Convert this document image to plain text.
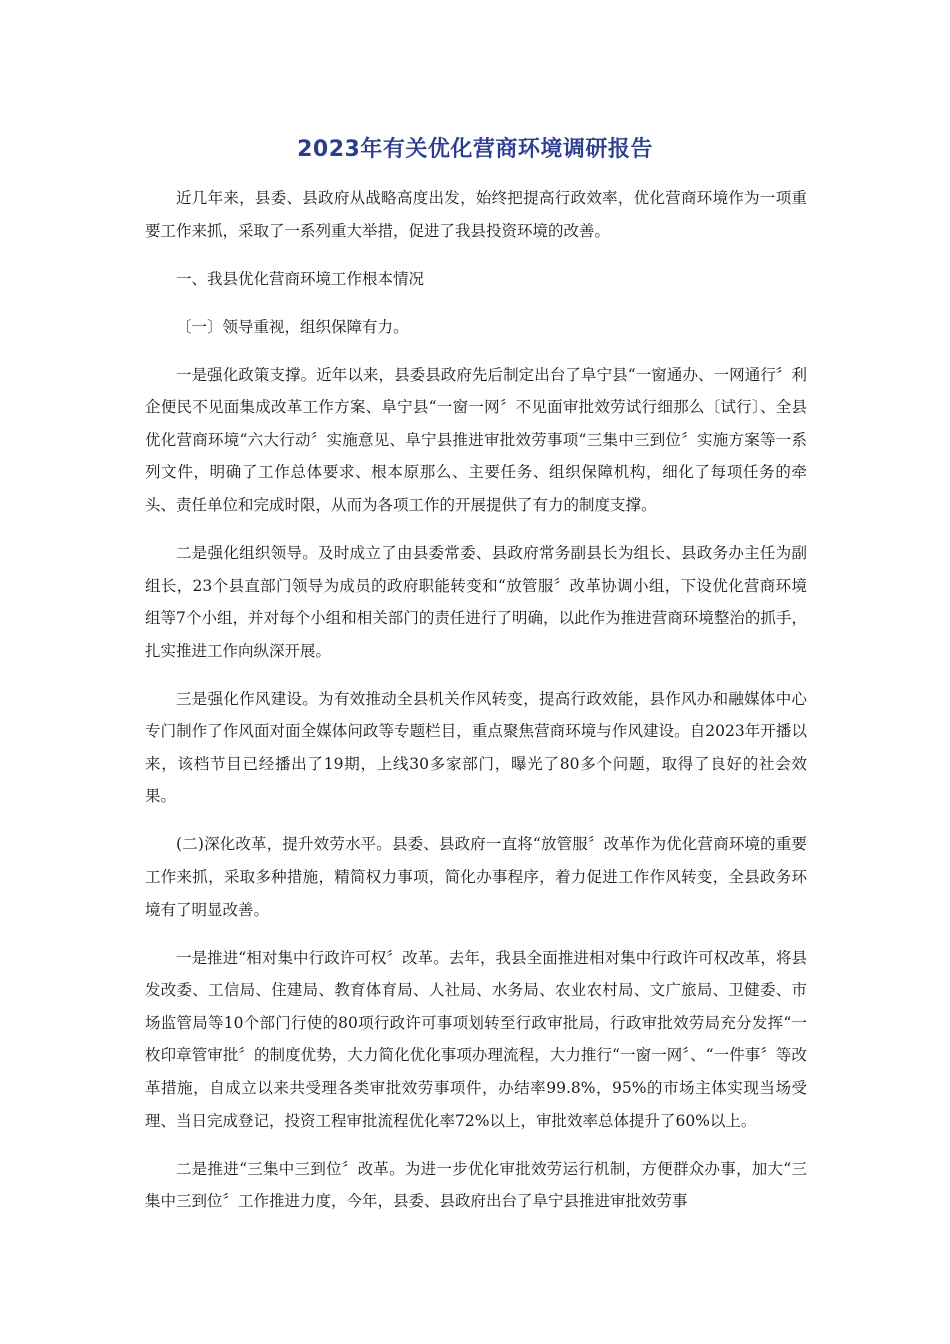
2023年有关优化营商环境调研报告

近几年来，县委、县政府从战略高度出发，始终把提高行政效率，优化营商环境作为一项重要工作来抓，采取了一系列重大举措，促进了我县投资环境的改善。

一、我县优化营商环境工作根本情况

〔一〕领导重视，组织保障有力。

一是强化政策支撑。近年以来，县委县政府先后制定出台了阜宁县“一窗通办、一网通行〞利企便民不见面集成改革工作方案、阜宁县“一窗一网〞不见面审批效劳试行细那么〔试行〕、全县优化营商环境“六大行动〞实施意见、阜宁县推进审批效劳事项“三集中三到位〞实施方案等一系列文件，明确了工作总体要求、根本原那么、主要任务、组织保障机构，细化了每项任务的牵头、责任单位和完成时限，从而为各项工作的开展提供了有力的制度支撑。

二是强化组织领导。及时成立了由县委常委、县政府常务副县长为组长、县政务办主任为副组长，23个县直部门领导为成员的政府职能转变和“放管服〞改革协调小组，下设优化营商环境组等7个小组，并对每个小组和相关部门的责任进行了明确，以此作为推进营商环境整治的抓手，扎实推进工作向纵深开展。

三是强化作风建设。为有效推动全县机关作风转变，提高行政效能，县作风办和融媒体中心专门制作了作风面对面全媒体问政等专题栏目，重点聚焦营商环境与作风建设。自2023年开播以来，该档节目已经播出了19期，上线30多家部门，曝光了80多个问题，取得了良好的社会效果。

(二)深化改革，提升效劳水平。县委、县政府一直将“放管服〞改革作为优化营商环境的重要工作来抓，采取多种措施，精简权力事项，简化办事程序，着力促进工作作风转变，全县政务环境有了明显改善。

一是推进“相对集中行政许可权〞改革。去年，我县全面推进相对集中行政许可权改革，将县发改委、工信局、住建局、教育体育局、人社局、水务局、农业农村局、文广旅局、卫健委、市场监管局等10个部门行使的80项行政许可事项划转至行政审批局，行政审批效劳局充分发挥“一枚印章管审批〞的制度优势，大力简化优化事项办理流程，大力推行“一窗一网〞、“一件事〞等改革措施，自成立以来共受理各类审批效劳事项件，办结率99.8%，95%的市场主体实现当场受理、当日完成登记，投资工程审批流程优化率72%以上，审批效率总体提升了60%以上。

二是推进“三集中三到位〞改革。为进一步优化审批效劳运行机制，方便群众办事，加大“三集中三到位〞工作推进力度，今年，县委、县政府出台了阜宁县推进审批效劳事
